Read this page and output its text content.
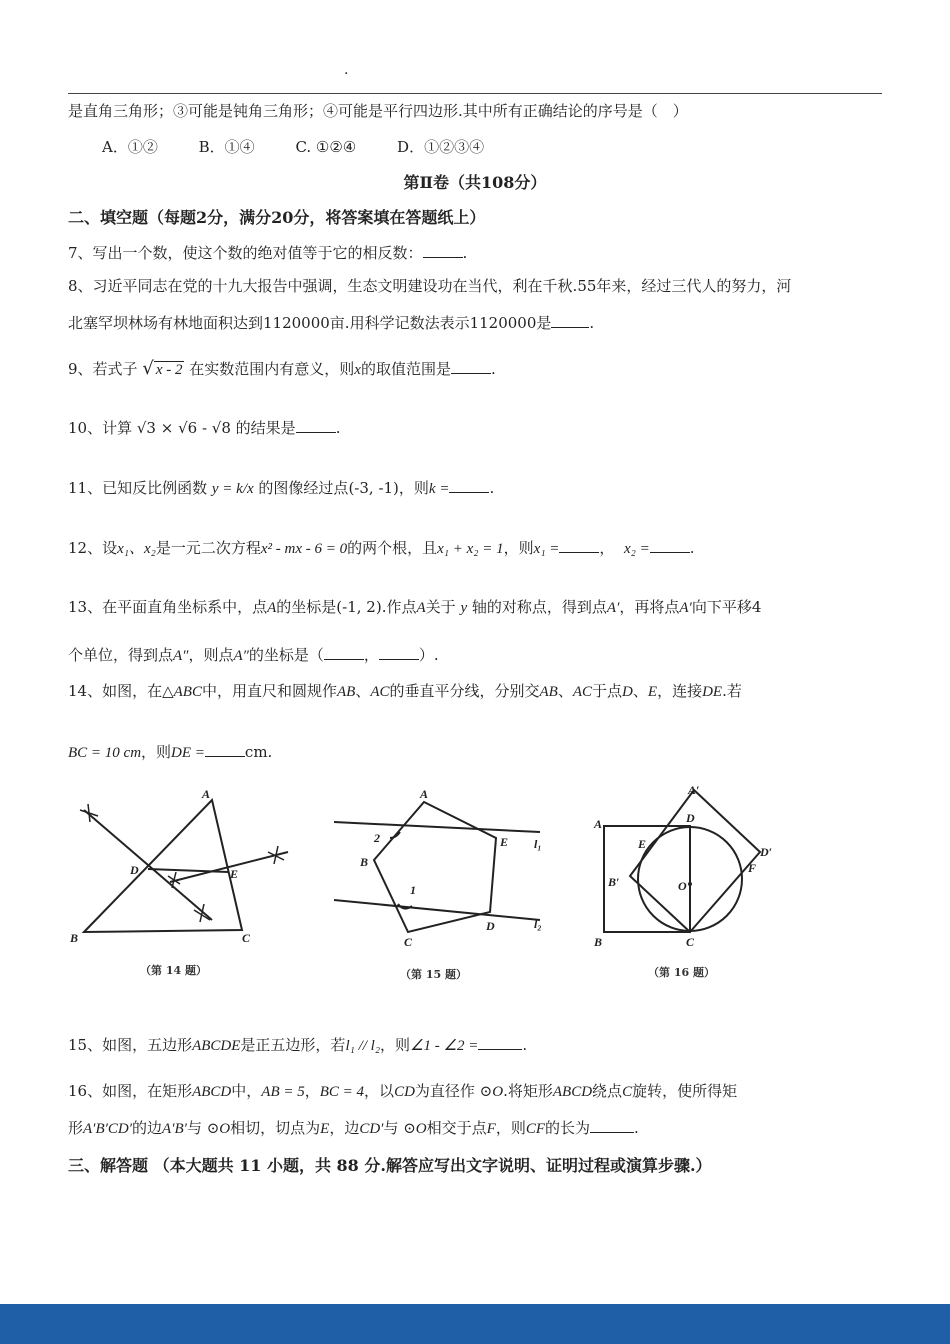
.
是直角三角形；③可能是钝角三角形；④可能是平行四边形.其中所有正确结论的序号是（　）
A．①②	B．①④	C. ①②④	D．①②③④
第Ⅱ卷（共108分）
二、填空题（每题2分，满分20分，将答案填在答题纸上）
7、写出一个数，使这个数的绝对值等于它的相反数：	.
8、习近平同志在党的十九大报告中强调，生态文明建设功在当代，利在千秋.55年来，经过三代人的努力，河
北塞罕坝林场有林地面积达到1120000亩.用科学记数法表示1120000是	.
9、若式子 √ x - 2 在实数范围内有意义，则x的取值范围是	.
10、计算 √3 × √6 - √8 的结果是	.
11、已知反比例函数 y = k/x 的图像经过点(-3, -1)，则k =	.
12、设x₁、x₂是一元二次方程x² - mx - 6 = 0的两个根，且x₁ + x₂ = 1，则x₁ =	，  x₂ =	.
13、在平面直角坐标系中，点A的坐标是(-1, 2).作点A关于 y 轴的对称点，得到点A′，再将点A′向下平移4
个单位，得到点A″，则点A″的坐标是（	，	）.
14、如图，在△ABC中，用直尺和圆规作AB、AC的垂直平分线，分别交AB、AC于点D、E，连接DE.若
BC = 10 cm，则DE =	cm.
A
B	C
D	E
（第 14 题）
A
B
C
D
E l₁
l₂
1
2
（第 15 题）
A
B	C
D
E
F
O
A′
B′
D′
（第 16 题）
15、如图，五边形ABCDE是正五边形，若l₁ // l₂，则∠1 - ∠2 =	.
16、如图，在矩形ABCD中，AB = 5，BC = 4，以CD为直径作 ⊙O.将矩形ABCD绕点C旋转，使所得矩
形A′B′CD′的边A′B′与 ⊙O相切，切点为E，边CD′与 ⊙O相交于点F，则CF的长为	.
三、解答题 （本大题共 11 小题，共 88 分.解答应写出文字说明、证明过程或演算步骤.）
